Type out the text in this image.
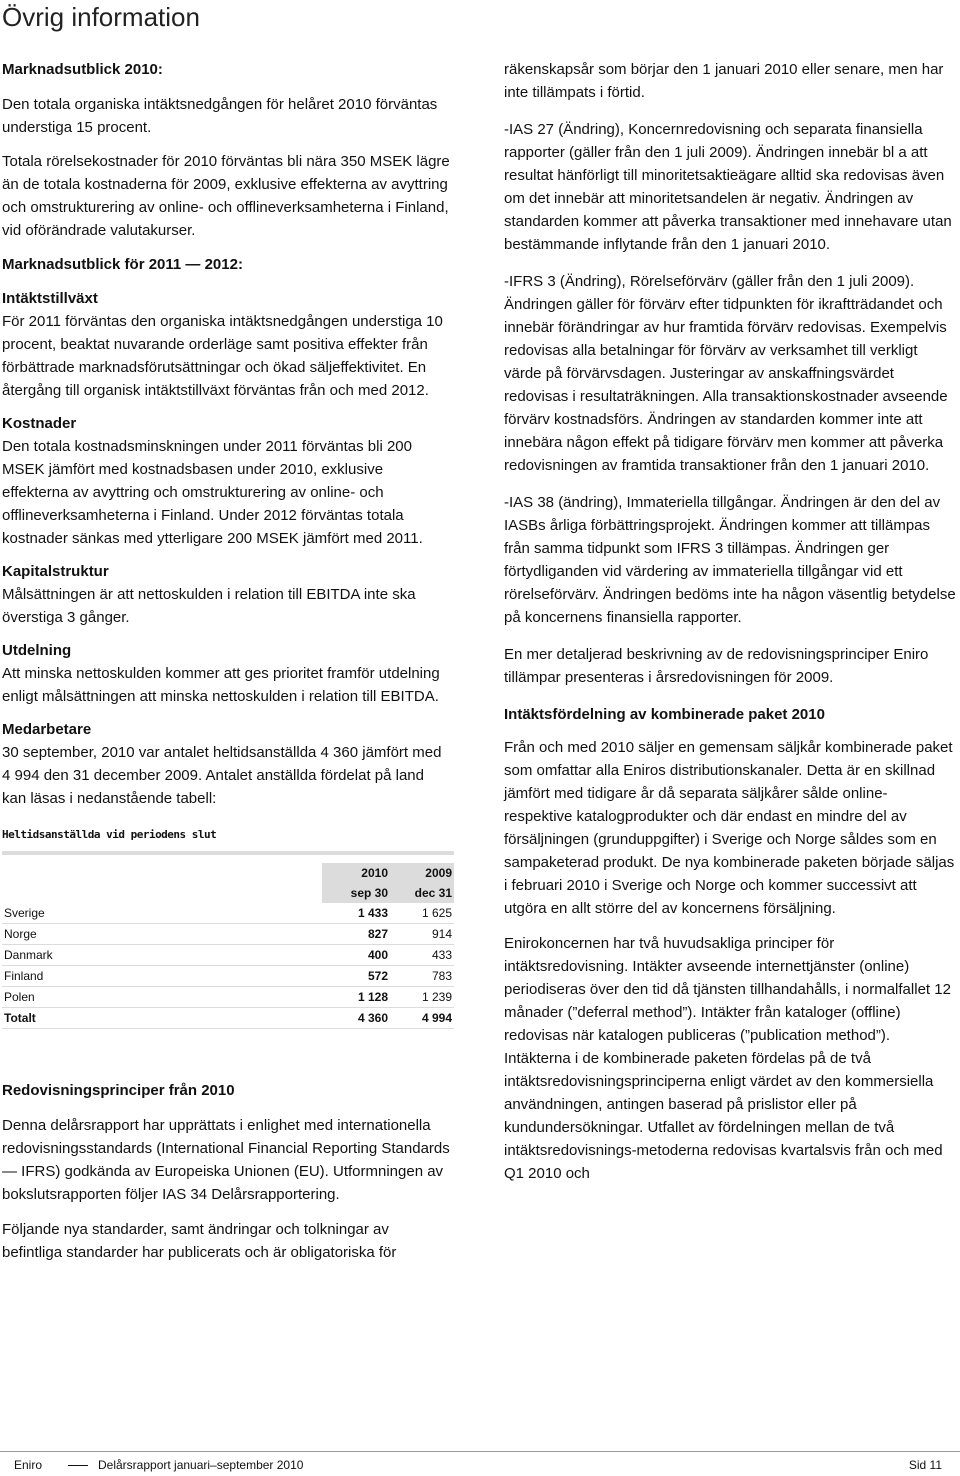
Övrig information

Marknadsutblick 2010:

Den totala organiska intäktsnedgången för helåret 2010 förväntas understiga 15 procent.

Totala rörelsekostnader för 2010 förväntas bli nära 350 MSEK lägre än de totala kostnaderna för 2009, exklusive effekterna av avyttring och omstrukturering av online- och offlineverksamheterna i Finland, vid oförändrade valutakurser.

Marknadsutblick för 2011 — 2012:

Intäktstillväxt

För 2011 förväntas den organiska intäktsnedgången understiga 10 procent, beaktat nuvarande orderläge samt positiva effekter från förbättrade marknadsförutsättningar och ökad säljeffektivitet. En återgång till organisk intäktstillväxt förväntas från och med 2012.

Kostnader

Den totala kostnadsminskningen under 2011 förväntas bli 200 MSEK jämfört med kostnadsbasen under 2010, exklusive effekterna av avyttring och omstrukturering av online- och offlineverksamheterna i Finland. Under 2012 förväntas totala kostnader sänkas med ytterligare 200 MSEK jämfört med 2011.

Kapitalstruktur

Målsättningen är att nettoskulden i relation till EBITDA inte ska överstiga 3 gånger.

Utdelning

Att minska nettoskulden kommer att ges prioritet framför utdelning enligt målsättningen att minska nettoskulden i relation till EBITDA.

Medarbetare

30 september, 2010 var antalet heltidsanställda 4 360 jämfört med 4 994 den 31 december 2009. Antalet anställda fördelat på land kan läsas i nedanstående tabell:

Heltidsanställda vid periodens slut

	2010	2009
	sep 30	dec 31
Sverige	1 433	1 625
Norge	827	914
Danmark	400	433
Finland	572	783
Polen	1 128	1 239
Totalt	4 360	4 994

Redovisningsprinciper från 2010

Denna delårsrapport har upprättats i enlighet med internationella redovisningsstandards (International Financial Reporting Standards — IFRS) godkända av Europeiska Unionen (EU). Utformningen av bokslutsrapporten följer IAS 34 Delårsrapportering.

Följande nya standarder, samt ändringar och tolkningar av befintliga standarder har publicerats och är obligatoriska för

räkenskapsår som börjar den 1 januari 2010 eller senare, men har inte tillämpats i förtid.

-IAS 27 (Ändring), Koncernredovisning och separata finansiella rapporter (gäller från den 1 juli 2009). Ändringen innebär bl a att resultat hänförligt till minoritetsaktieägare alltid ska redovisas även om det innebär att minoritetsandelen är negativ. Ändringen av standarden kommer att påverka transaktioner med innehavare utan bestämmande inflytande från den 1 januari 2010.

-IFRS 3 (Ändring), Rörelseförvärv (gäller från den 1 juli 2009). Ändringen gäller för förvärv efter tidpunkten för ikraftträdandet och innebär förändringar av hur framtida förvärv redovisas. Exempelvis redovisas alla betalningar för förvärv av verksamhet till verkligt värde på förvärvsdagen. Justeringar av anskaffningsvärdet redovisas i resultaträkningen. Alla transaktionskostnader avseende förvärv kostnadsförs. Ändringen av standarden kommer inte att innebära någon effekt på tidigare förvärv men kommer att påverka redovisningen av framtida transaktioner från den 1 januari 2010.

-IAS 38 (ändring), Immateriella tillgångar. Ändringen är den del av IASBs årliga förbättringsprojekt. Ändringen kommer att tillämpas från samma tidpunkt som IFRS 3 tillämpas. Ändringen ger förtydliganden vid värdering av immateriella tillgångar vid ett rörelseförvärv. Ändringen bedöms inte ha någon väsentlig betydelse på koncernens finansiella rapporter.

En mer detaljerad beskrivning av de redovisningsprinciper Eniro tillämpar presenteras i årsredovisningen för 2009.

Intäktsfördelning av kombinerade paket 2010

Från och med 2010 säljer en gemensam säljkår kombinerade paket som omfattar alla Eniros distributionskanaler. Detta är en skillnad jämfört med tidigare år då separata säljkårer sålde online- respektive katalogprodukter och där endast en mindre del av försäljningen (grunduppgifter) i Sverige och Norge såldes som en sampaketerad produkt. De nya kombinerade paketen började säljas i februari 2010 i Sverige och Norge och kommer successivt att utgöra en allt större del av koncernens försäljning.

Enirokoncernen har två huvudsakliga principer för intäktsredovisning. Intäkter avseende internettjänster (online) periodiseras över den tid då tjänsten tillhandahålls, i normalfallet 12 månader (”deferral method”). Intäkter från kataloger (offline) redovisas när katalogen publiceras (”publication method”). Intäkterna i de kombinerade paketen fördelas på de två intäktsredovisningsprinciperna enligt värdet av den kommersiella användningen, antingen baserad på prislistor eller på kundundersökningar. Utfallet av fördelningen mellan de två intäktsredovisnings-metoderna redovisas kvartalsvis från och med Q1 2010 och

Eniro	Delårsrapport januari–september 2010	Sid 11
